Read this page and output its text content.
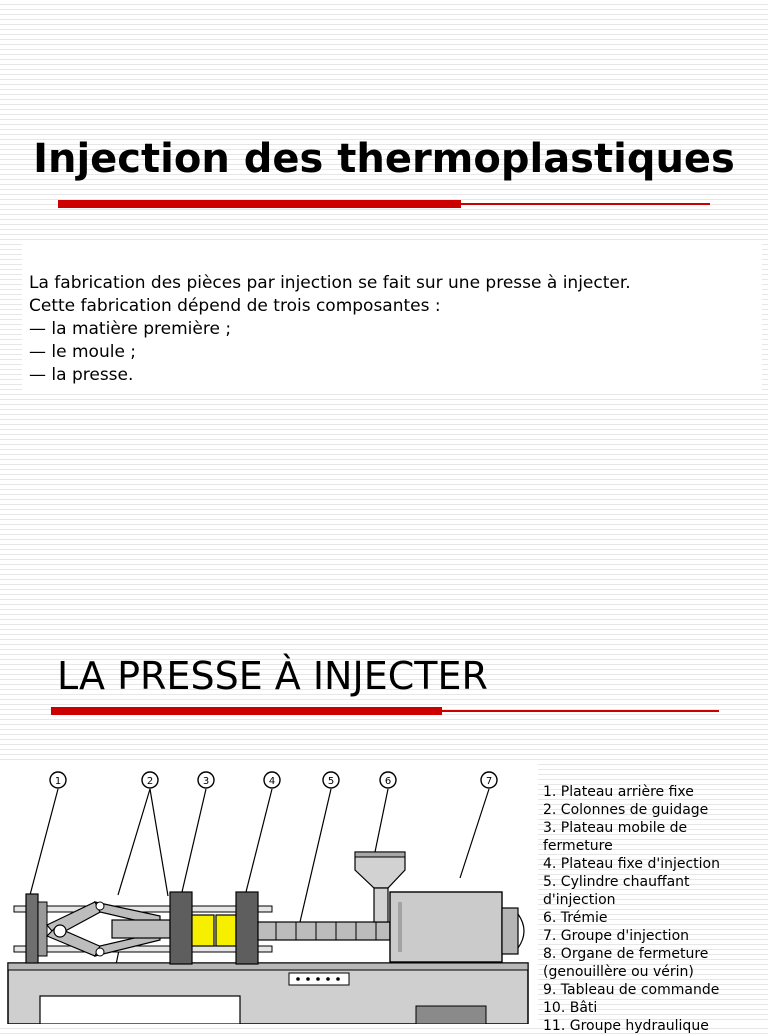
Injection des thermoplastiques

La fabrication des pièces par injection se fait sur une presse à injecter.

Cette fabrication dépend de trois composantes :

— la matière première ;

— le moule ;

— la presse.

LA PRESSE À INJECTER
1	2	3	4	5	6	7
1. Plateau arrière fixe
2. Colonnes de guidage
3. Plateau mobile de
fermeture
4. Plateau fixe d'injection
5. Cylindre chauffant
d'injection
6. Trémie
7. Groupe d'injection
8. Organe de fermeture
(genouillère ou vérin)
9. Tableau de commande
10. Bâti
11. Groupe hydraulique
